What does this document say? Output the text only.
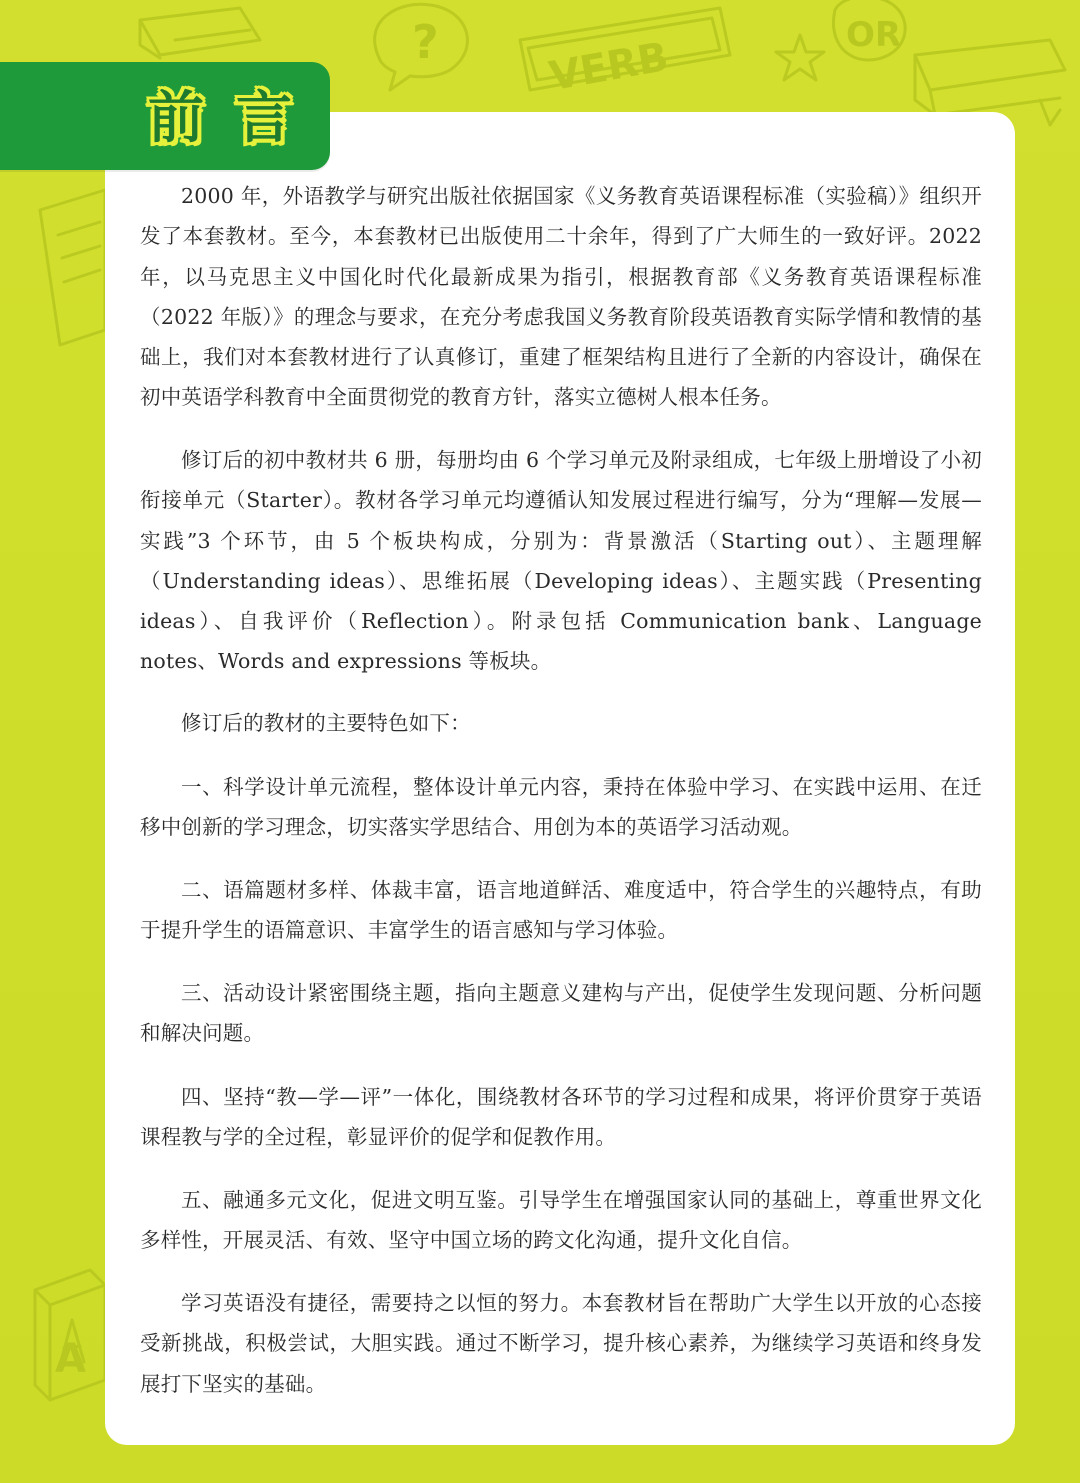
?	VERB	OR
A
前言

2000 年，外语教学与研究出版社依据国家《义务教育英语课程标准（实验稿）》组织开发了本套教材。至今，本套教材已出版使用二十余年，得到了广大师生的一致好评。2022 年，以马克思主义中国化时代化最新成果为指引，根据教育部《义务教育英语课程标准（2022 年版）》的理念与要求，在充分考虑我国义务教育阶段英语教育实际学情和教情的基础上，我们对本套教材进行了认真修订，重建了框架结构且进行了全新的内容设计，确保在初中英语学科教育中全面贯彻党的教育方针，落实立德树人根本任务。

修订后的初中教材共 6 册，每册均由 6 个学习单元及附录组成，七年级上册增设了小初衔接单元（Starter）。教材各学习单元均遵循认知发展过程进行编写，分为“理解—发展—实践”3 个环节，由 5 个板块构成，分别为：背景激活（Starting out）、主题理解（Understanding ideas）、思维拓展（Developing ideas）、主题实践（Presenting ideas）、自我评价（Reflection）。附录包括 Communication bank、Language notes、Words and expressions 等板块。

修订后的教材的主要特色如下：

一、科学设计单元流程，整体设计单元内容，秉持在体验中学习、在实践中运用、在迁移中创新的学习理念，切实落实学思结合、用创为本的英语学习活动观。

二、语篇题材多样、体裁丰富，语言地道鲜活、难度适中，符合学生的兴趣特点，有助于提升学生的语篇意识、丰富学生的语言感知与学习体验。

三、活动设计紧密围绕主题，指向主题意义建构与产出，促使学生发现问题、分析问题和解决问题。

四、坚持“教—学—评”一体化，围绕教材各环节的学习过程和成果，将评价贯穿于英语课程教与学的全过程，彰显评价的促学和促教作用。

五、融通多元文化，促进文明互鉴。引导学生在增强国家认同的基础上，尊重世界文化多样性，开展灵活、有效、坚守中国立场的跨文化沟通，提升文化自信。

学习英语没有捷径，需要持之以恒的努力。本套教材旨在帮助广大学生以开放的心态接受新挑战，积极尝试，大胆实践。通过不断学习，提升核心素养，为继续学习英语和终身发展打下坚实的基础。
